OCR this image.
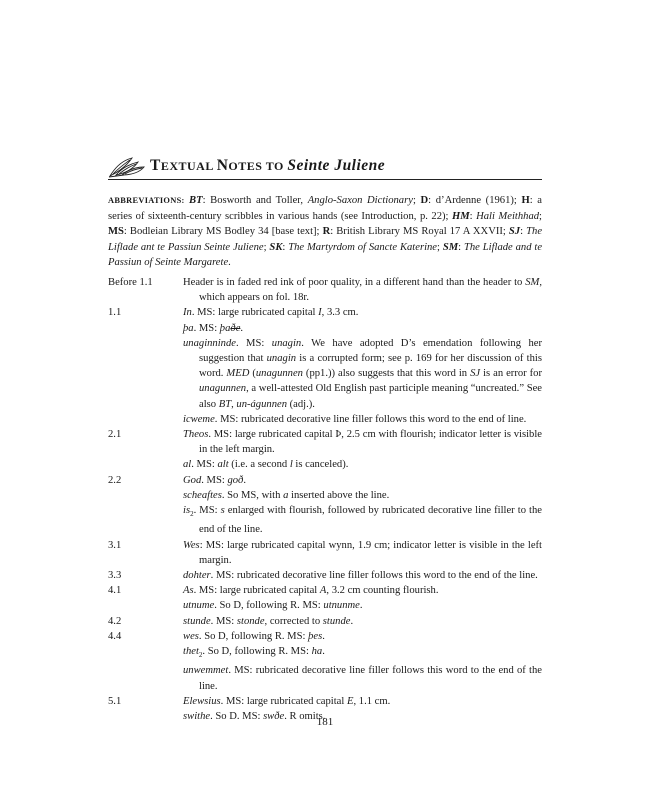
TEXTUAL NOTES TO Seinte Juliene
ABBREVIATIONS: BT: Bosworth and Toller, Anglo-Saxon Dictionary; D: d’Ardenne (1961); H: a series of sixteenth-century scribbles in various hands (see Introduction, p. 22); HM: Hali Meithhad; MS: Bodleian Library MS Bodley 34 [base text]; R: British Library MS Royal 17 A XXVII; SJ: The Liflade ant te Passiun Seinte Juliene; SK: The Martyrdom of Sancte Katerine; SM: The Liflade and te Passiun of Seinte Margarete.
Before 1.1	Header is in faded red ink of poor quality, in a different hand than the header to SM, which appears on fol. 18r.
1.1	In. MS: large rubricated capital I, 3.3 cm.
þa. MS: þaðe.
unaginninde. MS: unagin. We have adopted D’s emendation following her suggestion that unagin is a corrupted form; see p. 169 for her discussion of this word. MED (unagunnen (pp1.)) also suggests that this word in SJ is an error for unagunnen, a well-attested Old English past participle meaning “uncreated.” See also BT, un-águnnen (adj.).
icweme. MS: rubricated decorative line filler follows this word to the end of line.
2.1	Theos. MS: large rubricated capital Þ, 2.5 cm with flourish; indicator letter is visible in the left margin.
al. MS: alt (i.e. a second l is canceled).
2.2	God. MS: goð.
scheaftes. So MS, with a inserted above the line.
$is_2$. MS: s enlarged with flourish, followed by rubricated decorative line filler to the end of the line.
3.1	Wes: MS: large rubricated capital wynn, 1.9 cm; indicator letter is visible in the left margin.
3.3	dohter. MS: rubricated decorative line filler follows this word to the end of the line.
4.1	As. MS: large rubricated capital A, 3.2 cm counting flourish.
utnume. So D, following R. MS: utnunme.
4.2	stunde. MS: stonde, corrected to stunde.
4.4	wes. So D, following R. MS: þes.
thet$_2$. So D, following R. MS: ha.
unwemmet. MS: rubricated decorative line filler follows this word to the end of the line.
5.1	Elewsius. MS: large rubricated capital E, 1.1 cm.
swithe. So D. MS: swðe. R omits.
181
